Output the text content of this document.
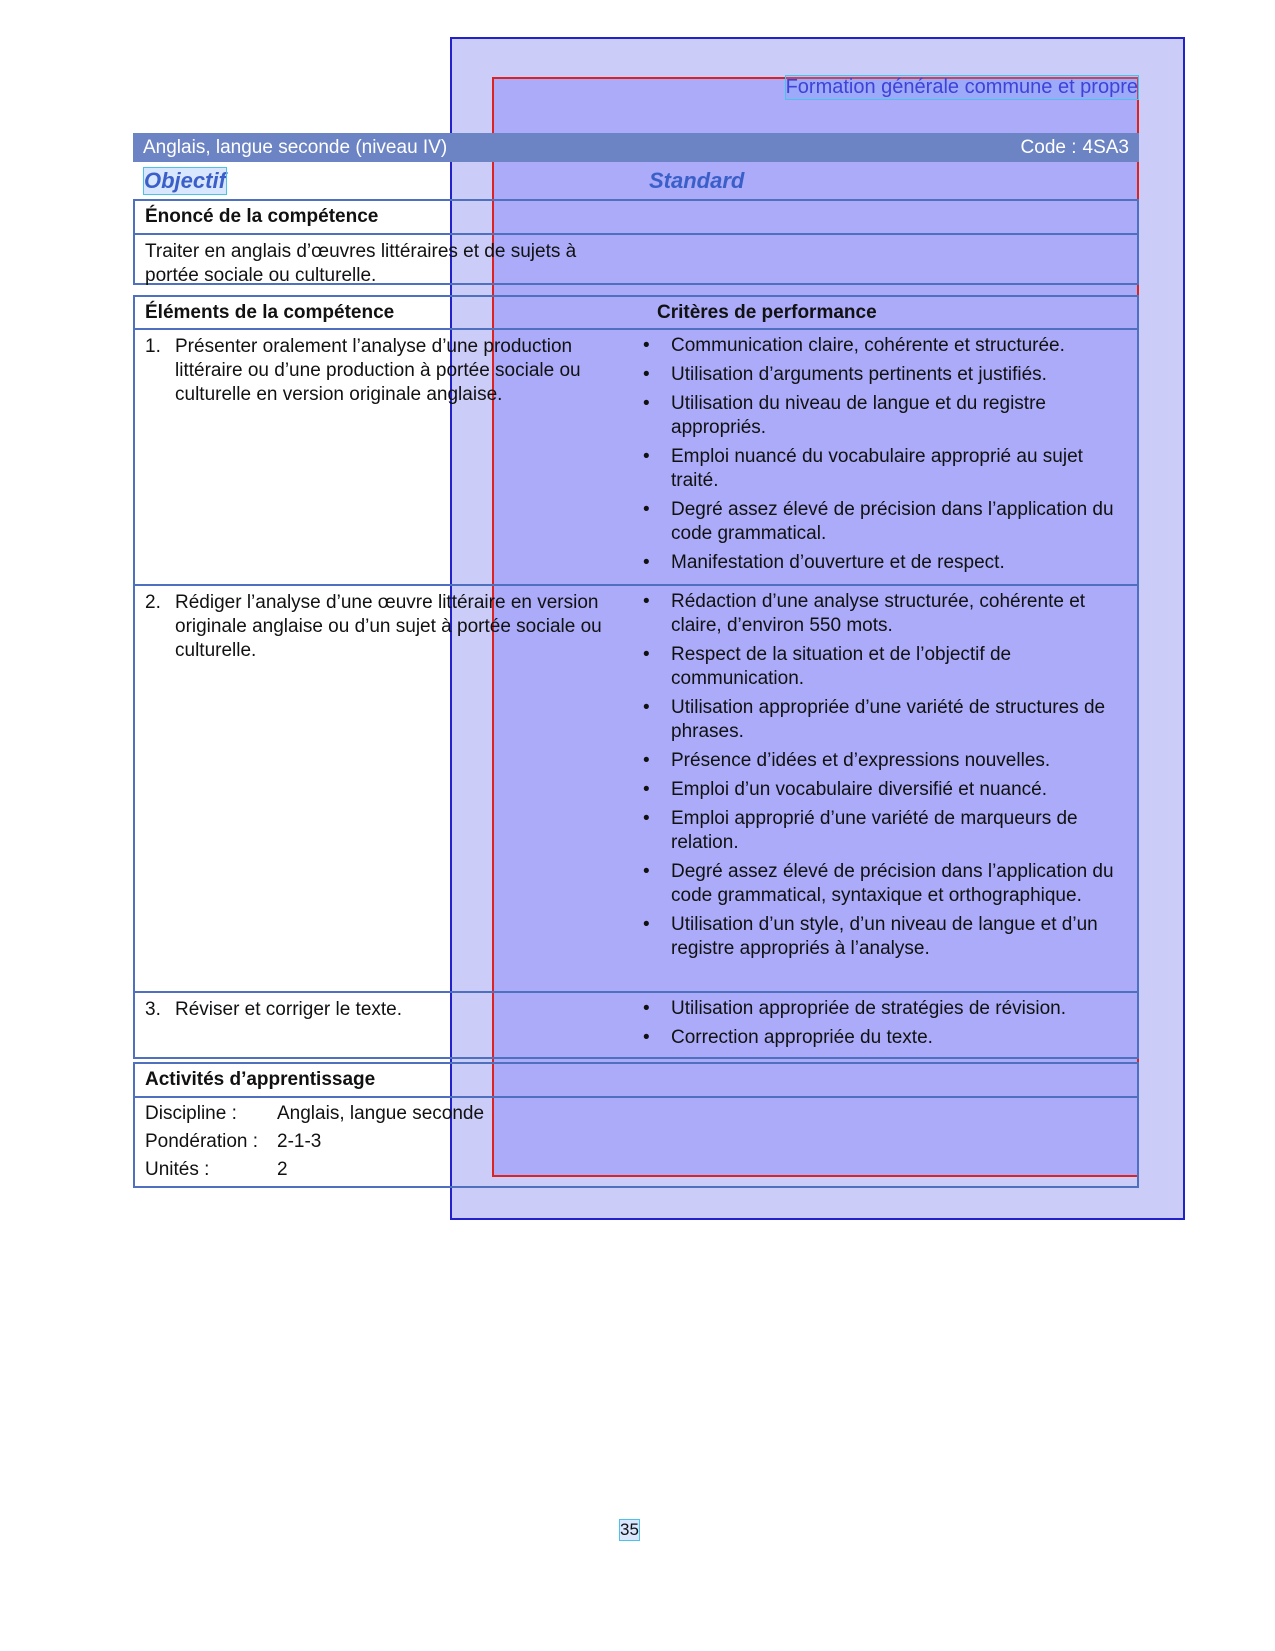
Formation générale commune et propre
Anglais, langue seconde (niveau IV)	Code : 4SA3
Objectif	Standard
Énoncé de la compétence
Traiter en anglais d’œuvres littéraires et de sujets à portée sociale ou culturelle.
Éléments de la compétence	Critères de performance
1. Présenter oralement l’analyse d’une production littéraire ou d’une production à portée sociale ou culturelle en version originale anglaise.
•	Communication claire, cohérente et structurée.
•	Utilisation d’arguments pertinents et justifiés.
•	Utilisation du niveau de langue et du registre appropriés.
•	Emploi nuancé du vocabulaire approprié au sujet traité.
•	Degré assez élevé de précision dans l’application du code grammatical.
•	Manifestation d’ouverture et de respect.
2. Rédiger l’analyse d’une œuvre littéraire en version originale anglaise ou d’un sujet à portée sociale ou culturelle.
•	Rédaction d’une analyse structurée, cohérente et claire, d’environ 550 mots.
•	Respect de la situation et de l’objectif de communication.
•	Utilisation appropriée d’une variété de structures de phrases.
•	Présence d’idées et d’expressions nouvelles.
•	Emploi d’un vocabulaire diversifié et nuancé.
•	Emploi approprié d’une variété de marqueurs de relation.
•	Degré assez élevé de précision dans l’application du code grammatical, syntaxique et orthographique.
•	Utilisation d’un style, d’un niveau de langue et d’un registre appropriés à l’analyse.
3. Réviser et corriger le texte.	•	Utilisation appropriée de stratégies de révision.
•	Correction appropriée du texte.
Activités d’apprentissage
Discipline :	Anglais, langue seconde
Pondération : 2-1-3
Unités :	2
35
